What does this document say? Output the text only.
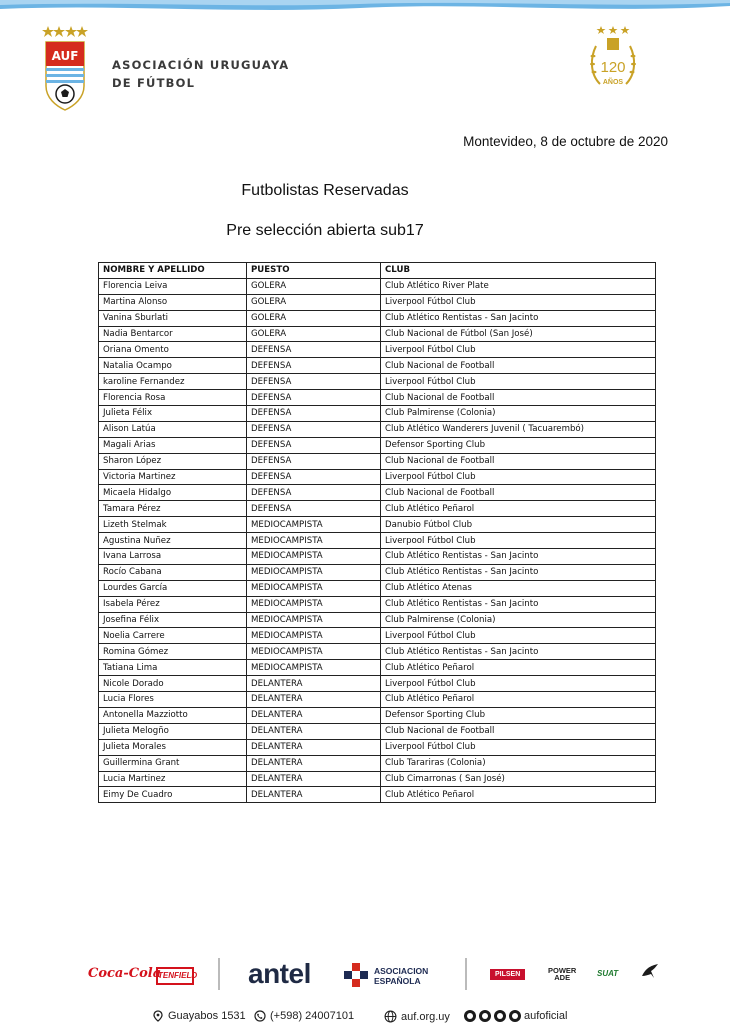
AUF
ASOCIACIÓN URUGUAYA
DE FÚTBOL
120
AÑOS
Montevideo, 8 de octubre de 2020
Futbolistas Reservadas
Pre selección abierta sub17
NOMBRE Y APELLIDO	PUESTO	CLUB
Florencia Leiva	GOLERA	Club Atlético River Plate
Martina Alonso	GOLERA	Liverpool Fútbol Club
Vanina Sburlati	GOLERA	Club Atlético Rentistas - San Jacinto
Nadia Bentarcor	GOLERA	Club Nacional de Fútbol (San José)
Oriana Omento	DEFENSA	Liverpool Fútbol Club
Natalia Ocampo	DEFENSA	Club Nacional de Football
karoline Fernandez	DEFENSA	Liverpool Fútbol Club
Florencia Rosa	DEFENSA	Club Nacional de Football
Julieta Félix	DEFENSA	Club Palmirense (Colonia)
Alison Latúa	DEFENSA	Club Atlético Wanderers Juvenil ( Tacuarembó)
Magali Arias	DEFENSA	Defensor Sporting Club
Sharon López	DEFENSA	Club Nacional de Football
Victoria Martinez	DEFENSA	Liverpool Fútbol Club
Micaela Hidalgo	DEFENSA	Club Nacional de Football
Tamara Pérez	DEFENSA	Club Atlético Peñarol
Lizeth Stelmak	MEDIOCAMPISTA	Danubio Fútbol Club
Agustina Nuñez	MEDIOCAMPISTA	Liverpool Fútbol Club
Ivana Larrosa	MEDIOCAMPISTA	Club Atlético Rentistas - San Jacinto
Rocío Cabana	MEDIOCAMPISTA	Club Atlético Rentistas - San Jacinto
Lourdes García	MEDIOCAMPISTA	Club Atlético Atenas
Isabela Pérez	MEDIOCAMPISTA	Club Atlético Rentistas - San Jacinto
Josefina Félix	MEDIOCAMPISTA	Club Palmirense (Colonia)
Noelia Carrere	MEDIOCAMPISTA	Liverpool Fútbol Club
Romina Gómez	MEDIOCAMPISTA	Club Atlético Rentistas - San Jacinto
Tatiana Lima	MEDIOCAMPISTA	Club Atlético Peñarol
Nicole Dorado	DELANTERA	Liverpool Fútbol Club
Lucia Flores	DELANTERA	Club Atlético Peñarol
Antonella Mazziotto	DELANTERA	Defensor Sporting Club
Julieta Melogño	DELANTERA	Club Nacional de Football
Julieta Morales	DELANTERA	Liverpool Fútbol Club
Guillermina Grant	DELANTERA	Club Tarariras (Colonia)
Lucia Martinez	DELANTERA	Club Cimarronas ( San José)
Eimy De Cuadro	DELANTERA	Club Atlético Peñarol
Coca-Cola
TENFIELD antel	ASOCIACION
ESPAÑOLA
PILSEN	POWER
ADE	SUAT
Guayabos 1531 (+598) 24007101	auf.org.uy	aufoficial
